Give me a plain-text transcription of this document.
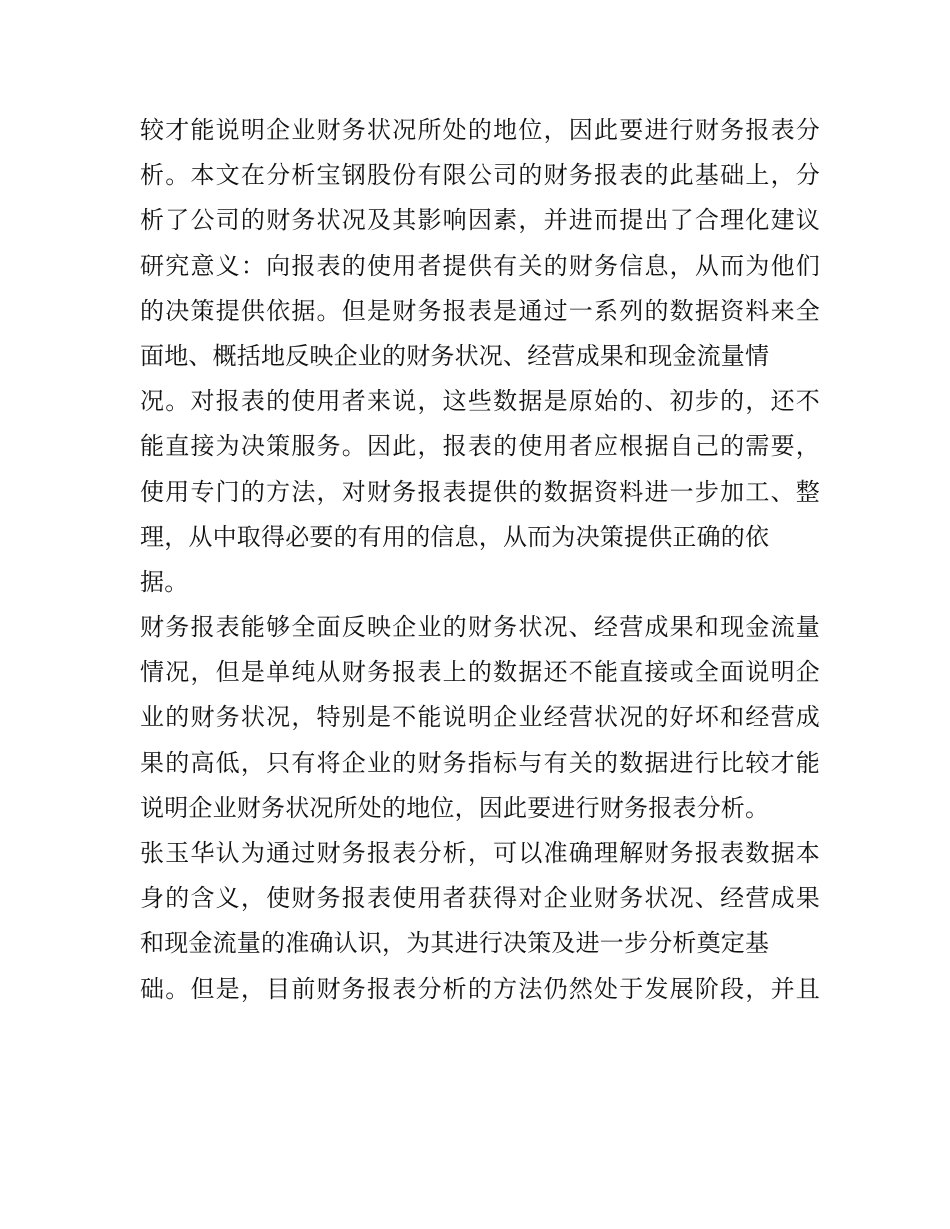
较才能说明企业财务状况所处的地位，因此要进行财务报表分
析。本文在分析宝钢股份有限公司的财务报表的此基础上，分
析了公司的财务状况及其影响因素，并进而提出了合理化建议
研究意义：向报表的使用者提供有关的财务信息，从而为他们
的决策提供依据。但是财务报表是通过一系列的数据资料来全
面地、概括地反映企业的财务状况、经营成果和现金流量情
况。对报表的使用者来说，这些数据是原始的、初步的，还不
能直接为决策服务。因此，报表的使用者应根据自己的需要，
使用专门的方法，对财务报表提供的数据资料进一步加工、整
理，从中取得必要的有用的信息，从而为决策提供正确的依
据。
财务报表能够全面反映企业的财务状况、经营成果和现金流量
情况，但是单纯从财务报表上的数据还不能直接或全面说明企
业的财务状况，特别是不能说明企业经营状况的好坏和经营成
果的高低，只有将企业的财务指标与有关的数据进行比较才能
说明企业财务状况所处的地位，因此要进行财务报表分析。
张玉华认为通过财务报表分析，可以准确理解财务报表数据本
身的含义，使财务报表使用者获得对企业财务状况、经营成果
和现金流量的准确认识，为其进行决策及进一步分析奠定基
础。但是，目前财务报表分析的方法仍然处于发展阶段，并且
